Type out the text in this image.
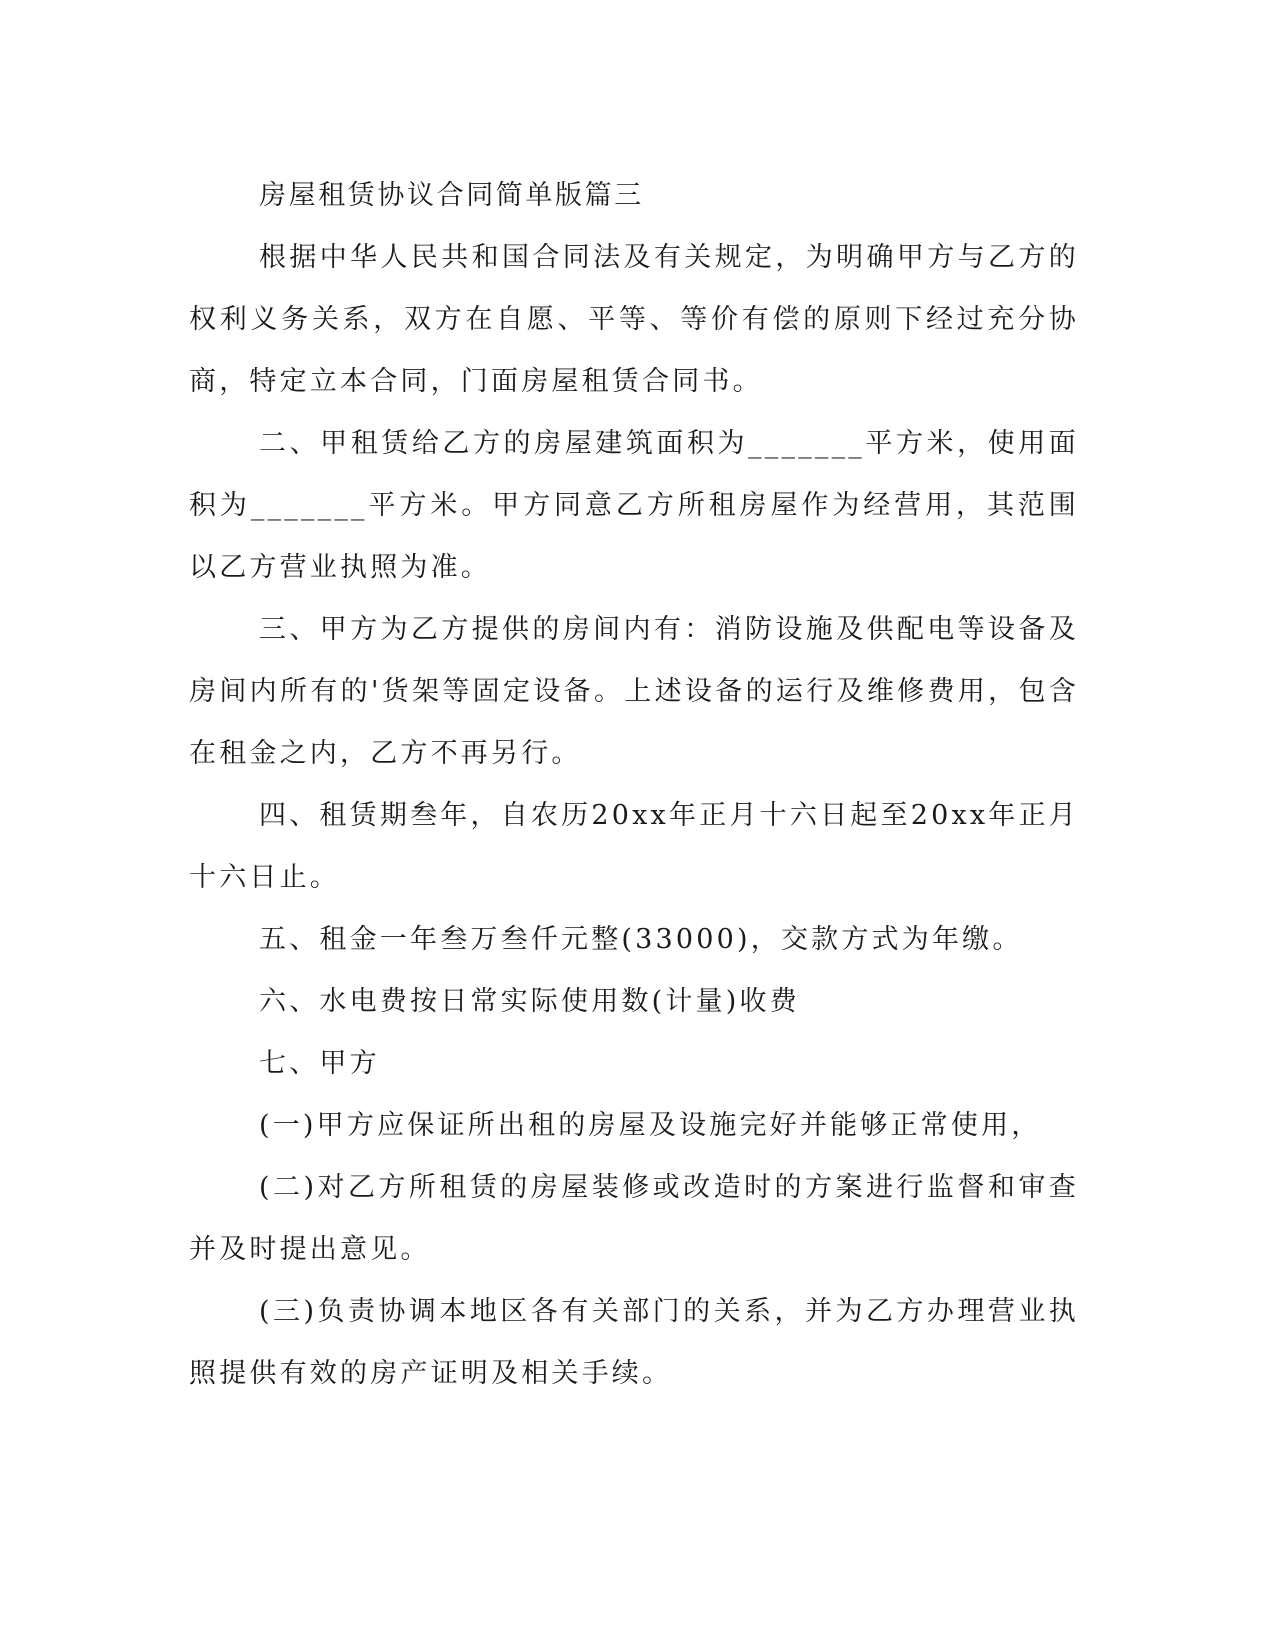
房屋租赁协议合同简单版篇三

根据中华人民共和国合同法及有关规定，为明确甲方与乙方的权利义务关系，双方在自愿、平等、等价有偿的原则下经过充分协商，特定立本合同，门面房屋租赁合同书。

二、甲租赁给乙方的房屋建筑面积为_______平方米，使用面积为_______平方米。甲方同意乙方所租房屋作为经营用，其范围以乙方营业执照为准。

三、甲方为乙方提供的房间内有：消防设施及供配电等设备及房间内所有的'货架等固定设备。上述设备的运行及维修费用，包含在租金之内，乙方不再另行。

四、租赁期叁年，自农历20xx年正月十六日起至20xx年正月十六日止。

五、租金一年叁万叁仟元整(33000)，交款方式为年缴。

六、水电费按日常实际使用数(计量)收费

七、甲方

(一)甲方应保证所出租的房屋及设施完好并能够正常使用，

(二)对乙方所租赁的房屋装修或改造时的方案进行监督和审查并及时提出意见。

(三)负责协调本地区各有关部门的关系，并为乙方办理营业执照提供有效的房产证明及相关手续。
